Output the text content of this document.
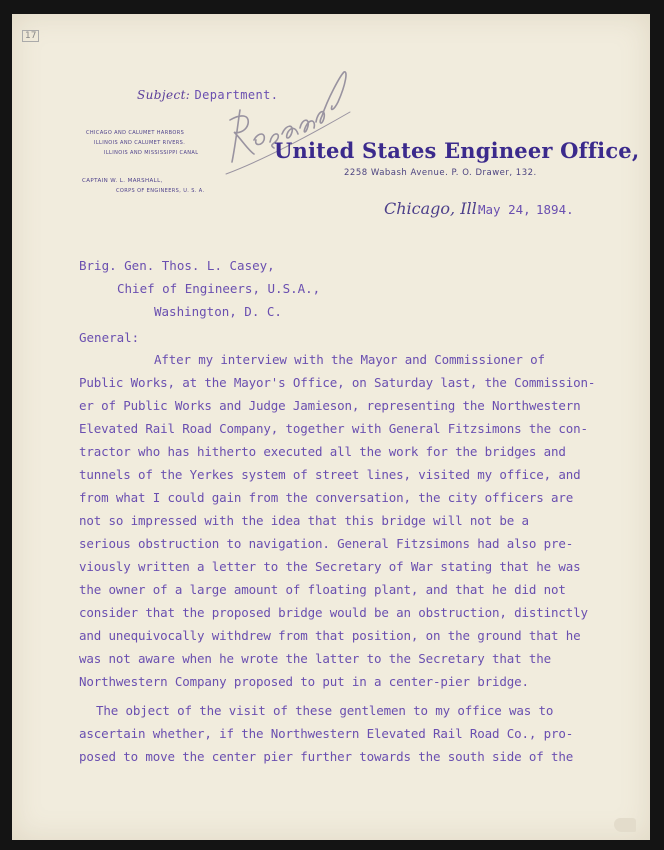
17
Subject: Department.
CHICAGO AND CALUMET HARBORS
ILLINOIS AND CALUMET RIVERS.
ILLINOIS AND MISSISSIPPI CANAL
CAPTAIN W. L. MARSHALL,
CORPS OF ENGINEERS, U. S. A.
United States Engineer Office,
2258 Wabash Avenue. P. O. Drawer, 132.
Chicago, Ill.
May 24, 1894.
Brig. Gen. Thos. L. Casey,
Chief of Engineers, U.S.A.,
Washington, D. C.
General:
After my interview with the Mayor and Commissioner of
Public Works, at the Mayor's Office, on Saturday last, the Commission-
er of Public Works and Judge Jamieson, representing the Northwestern
Elevated Rail Road Company, together with General Fitzsimons the con-
tractor who has hitherto executed all the work for the bridges and
tunnels of the Yerkes system of street lines, visited my office, and
from what I could gain from the conversation, the city officers are
not so impressed with the idea that this bridge will not be a
serious obstruction to navigation. General Fitzsimons had also pre-
viously written a letter to the Secretary of War stating that he was
the owner of a large amount of floating plant, and that he did not
consider that the proposed bridge would be an obstruction, distinctly
and unequivocally withdrew from that position, on the ground that he
was not aware when he wrote the latter to the Secretary that the
Northwestern Company proposed to put in a center-pier bridge.
The object of the visit of these gentlemen to my office was to
ascertain whether, if the Northwestern Elevated Rail Road Co., pro-
posed to move the center pier further towards the south side of the
